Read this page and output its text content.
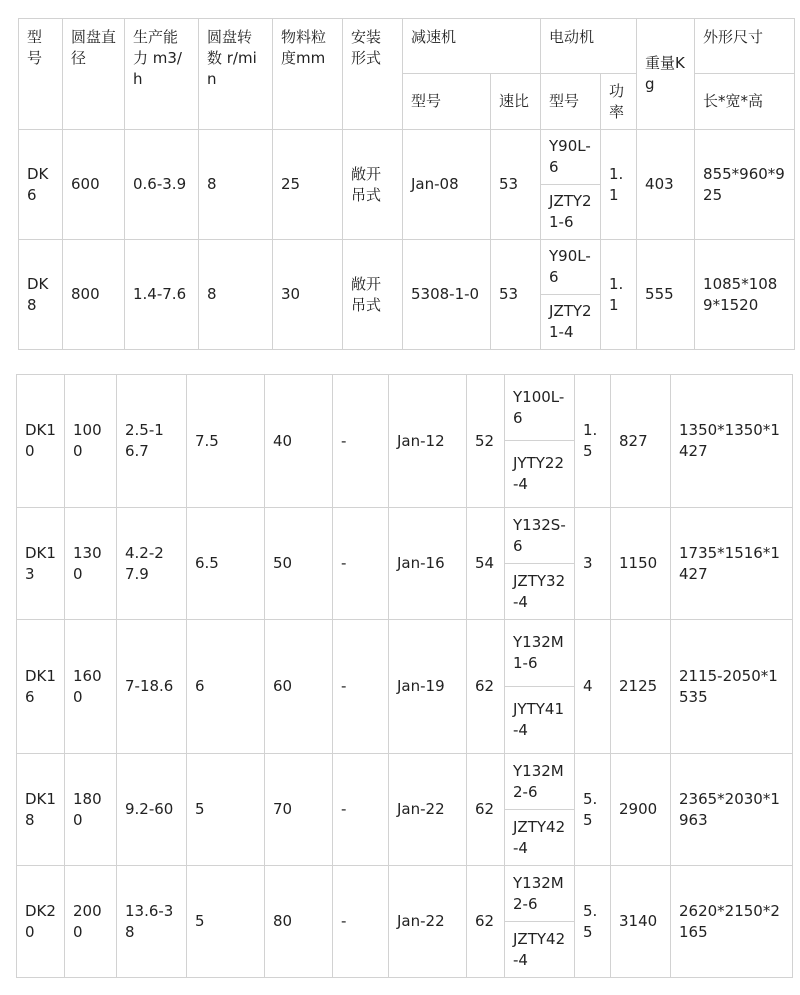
型号	圆盘直径	生产能力 m3/h	圆盘转数 r/min	物料粒度mm	安装形式	减速机		电动机		重量Kg	外形尺寸
						型号	速比	型号	功率		长*宽*高
DK6	600	0.6-3.9	8	25	敞开吊式	Jan-08	53	Y90L-6	1.1	403	855*960*925
								JZTY21-6			
DK8	800	1.4-7.6	8	30	敞开吊式	5308-1-0	53	Y90L-6	1.1	555	1085*1089*1520
								JZTY21-4			
DK10	1000	2.5-16.7	7.5	40	-	Jan-12	52	Y100L-6	1.5	827	1350*1350*1427
								JYTY22-4			
DK13	1300	4.2-27.9	6.5	50	-	Jan-16	54	Y132S-6	3	1150	1735*1516*1427
								JZTY32-4			
DK16	1600	7-18.6	6	60	-	Jan-19	62	Y132M1-6	4	2125	2115-2050*1535
								JYTY41-4			
DK18	1800	9.2-60	5	70	-	Jan-22	62	Y132M2-6	5.5	2900	2365*2030*1963
								JZTY42-4			
DK20	2000	13.6-38	5	80	-	Jan-22	62	Y132M2-6	5.5	3140	2620*2150*2165
								JZTY42-4			
